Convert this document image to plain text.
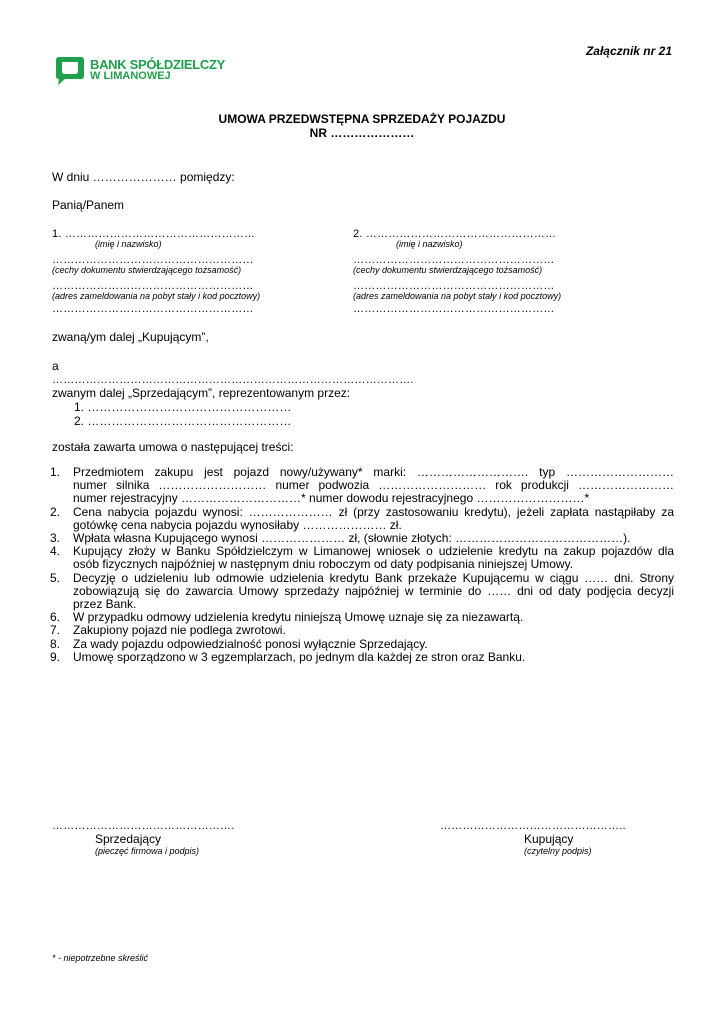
Załącznik nr 21
BANK SPÓŁDZIELCZY
W LIMANOWEJ
UMOWA PRZEDWSTĘPNA SPRZEDAŻY POJAZDU
NR …………………
W dniu ………………… pomiędzy:
Panią/Panem
1. ……………………………………………
(imię i nazwisko)
………………………………………………
(cechy dokumentu stwierdzającego tożsamość)
………………………………………………
(adres zameldowania na pobyt stały i kod pocztowy)
………………………………………………
2. ……………………………………………
(imię i nazwisko)
………………………………………………
(cechy dokumentu stwierdzającego tożsamość)
………………………………………………
(adres zameldowania na pobyt stały i kod pocztowy)
………………………………………………
zwaną/ym dalej „Kupującym”,
a
…………………………………………………………………………………….
zwanym dalej „Sprzedającym”, reprezentowanym przez:
1. ……………………………………………
2. ……………………………………………
została zawarta umowa o następującej treści:
1. Przedmiotem zakupu jest pojazd nowy/używany* marki: ………………………. typ ………………………
numer silnika ……………………… numer podwozia ……………………… rok produkcji ……………………
numer rejestracyjny …………………………* numer dowodu rejestracyjnego ………………………*
2. Cena nabycia pojazdu wynosi: ………………… zł (przy zastosowaniu kredytu), jeżeli zapłata nastąpiłaby za
gotówkę cena nabycia pojazdu wynosiłaby ………………… zł.
3. Wpłata własna Kupującego wynosi ………………… zł, (słownie złotych: ……………………………………).
4. Kupujący złoży w Banku Spółdzielczym w Limanowej wniosek o udzielenie kredytu na zakup pojazdów dla
osób fizycznych najpóźniej w następnym dniu roboczym od daty podpisania niniejszej Umowy.
5. Decyzję o udzieleniu lub odmowie udzielenia kredytu Bank przekaże Kupującemu w ciągu …… dni. Strony
zobowiązują się do zawarcia Umowy sprzedaży najpóźniej w terminie do …… dni od daty podjęcia decyzji
przez Bank.
6. W przypadku odmowy udzielenia kredytu niniejszą Umowę uznaje się za niezawartą.
7. Zakupiony pojazd nie podlega zwrotowi.
8. Za wady pojazdu odpowiedzialność ponosi wyłącznie Sprzedający.
9. Umowę sporządzono w 3 egzemplarzach, po jednym dla każdej ze stron oraz Banku.
………………………………………….
Sprzedający
(pieczęć firmowa i podpis)
…………………………………………..
Kupujący
(czytelny podpis)
* - niepotrzebne skreślić
